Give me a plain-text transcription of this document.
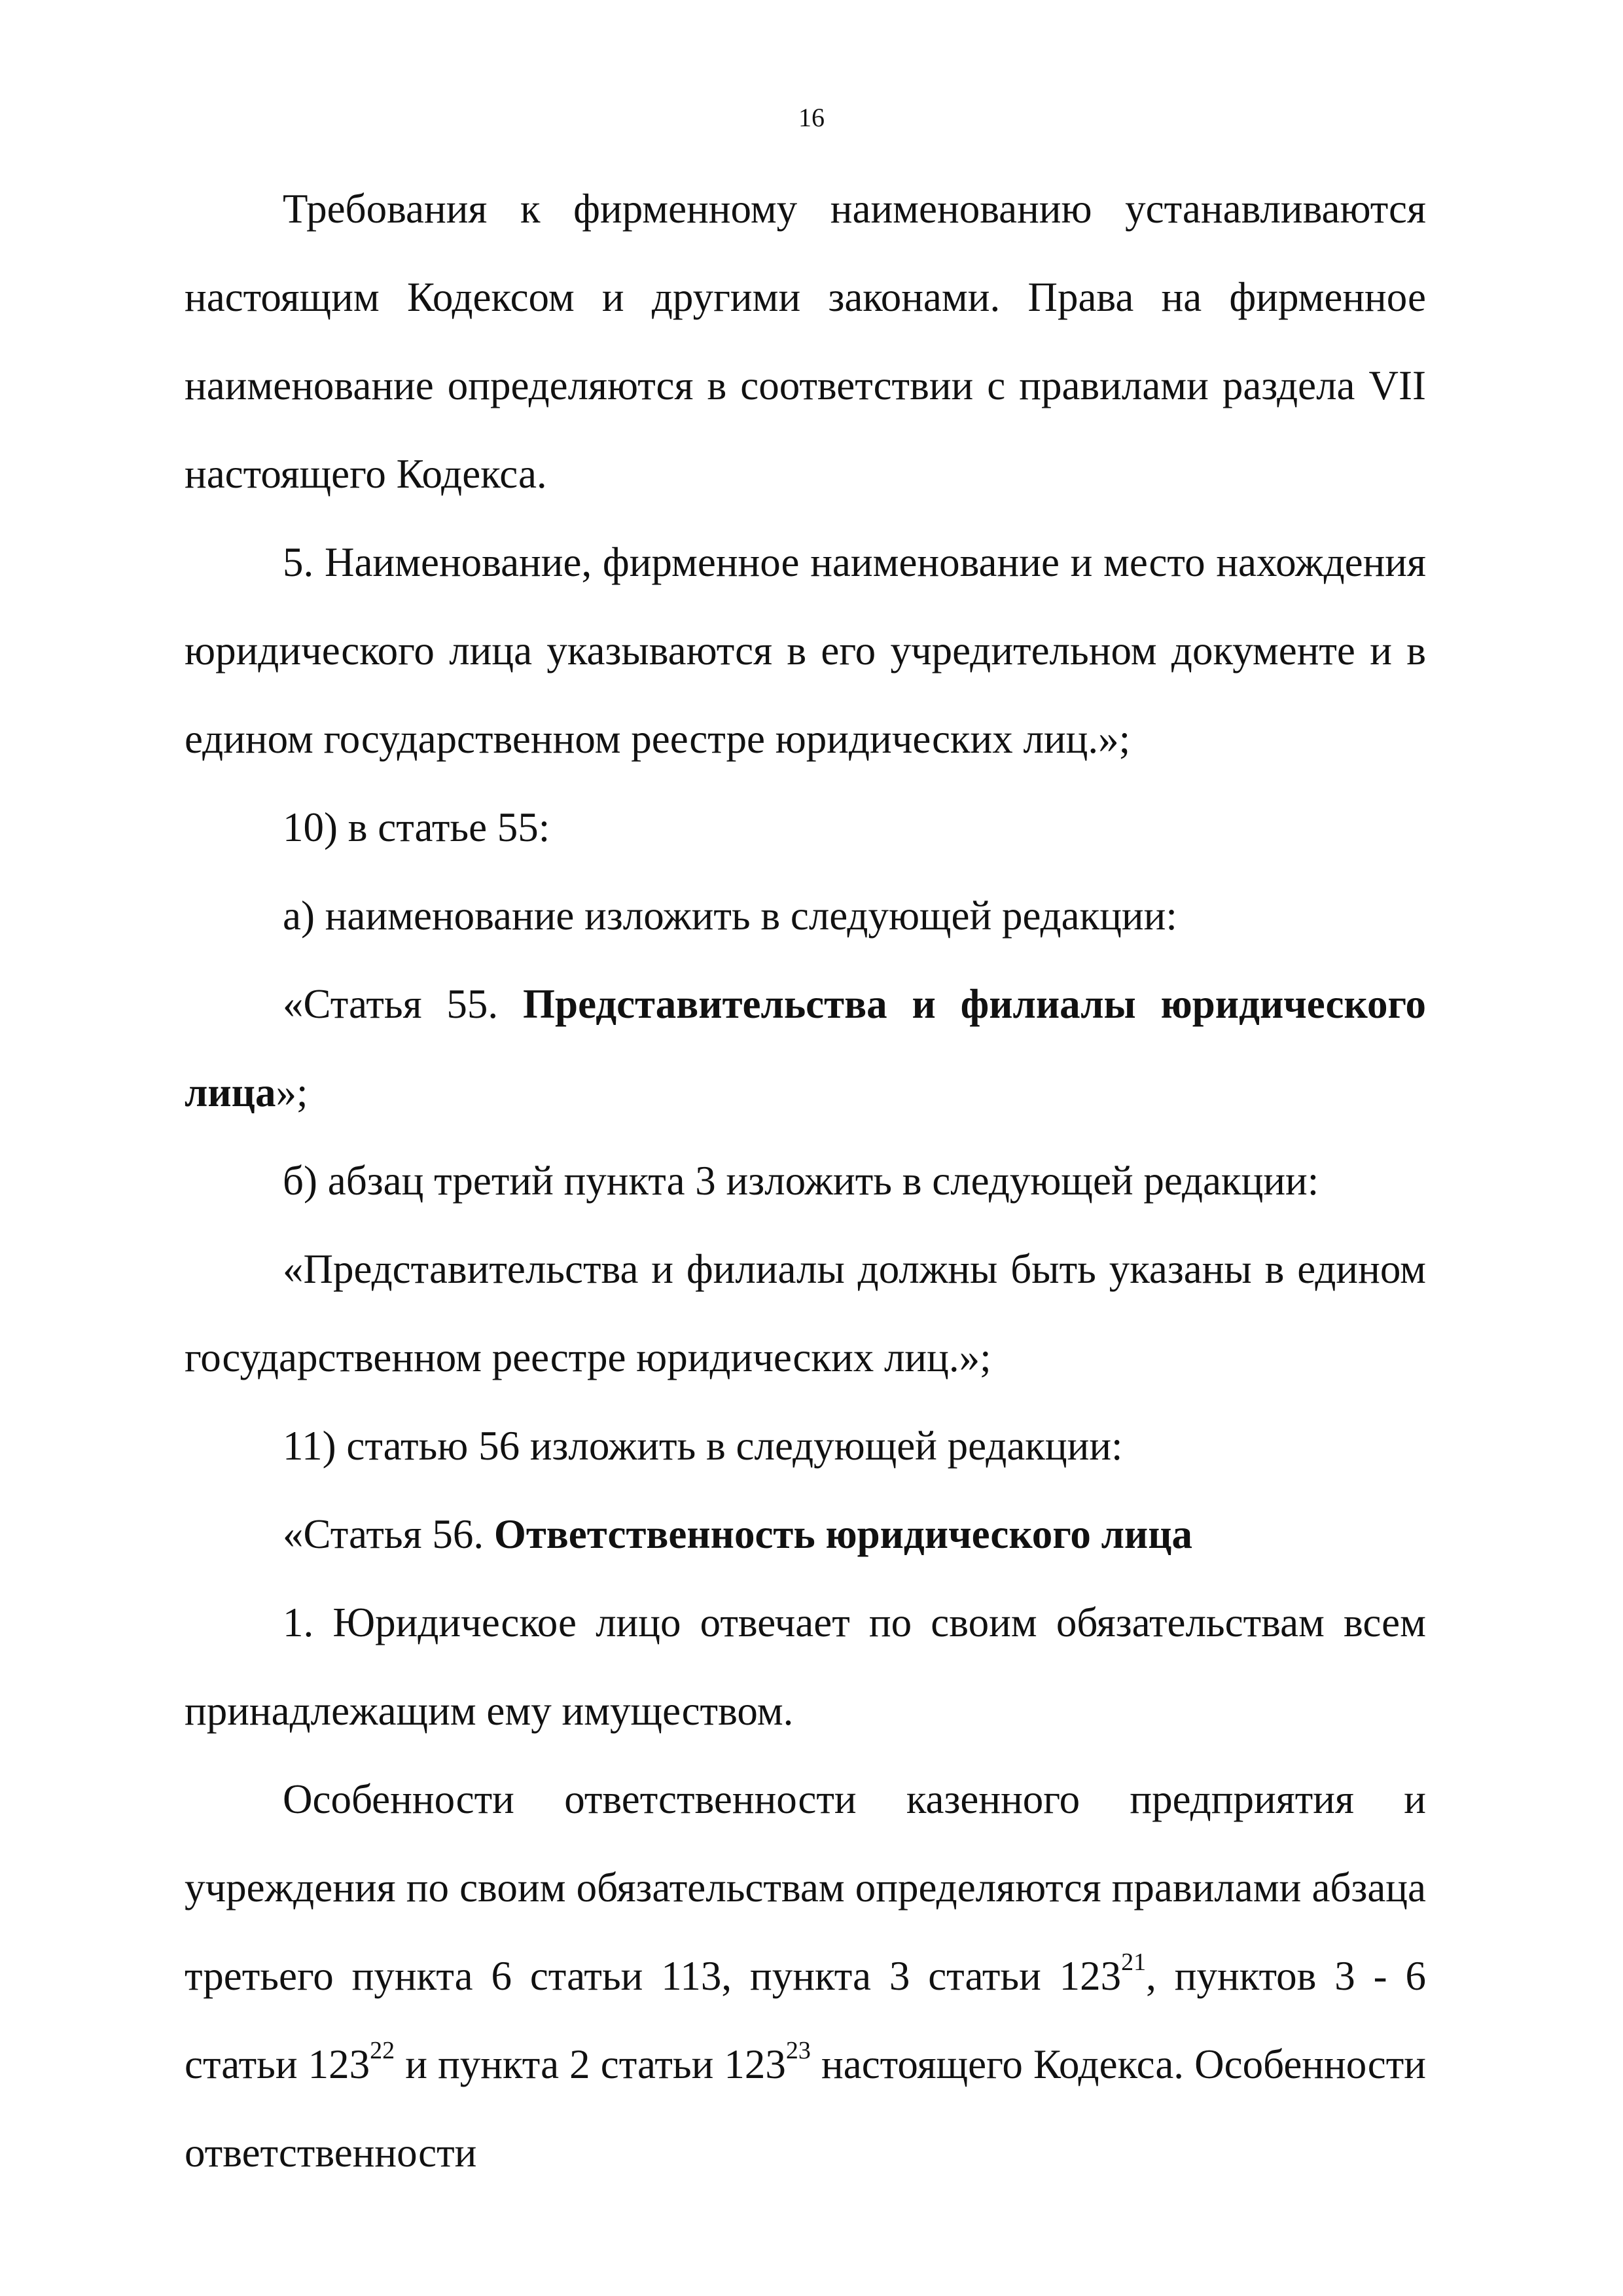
16

Требования к фирменному наименованию устанавливаются настоящим Кодексом и другими законами. Права на фирменное наименование определяются в соответствии с правилами раздела VII настоящего Кодекса.

5. Наименование, фирменное наименование и место нахождения юридического лица указываются в его учредительном документе и в едином государственном реестре юридических лиц.»;

10) в статье 55:

а) наименование изложить в следующей редакции:

«Статья 55. Представительства и филиалы юридического лица»;

б) абзац третий пункта 3 изложить в следующей редакции:

«Представительства и филиалы должны быть указаны в едином государственном реестре юридических лиц.»;

11) статью 56 изложить в следующей редакции:

«Статья 56. Ответственность юридического лица

1. Юридическое лицо отвечает по своим обязательствам всем принадлежащим ему имуществом.

Особенности ответственности казенного предприятия и учреждения по своим обязательствам определяются правилами абзаца третьего пункта 6 статьи 113, пункта 3 статьи $123^{21}$, пунктов 3 - 6 статьи $123^{22}$ и пункта 2 статьи $123^{23}$ настоящего Кодекса. Особенности ответственности
